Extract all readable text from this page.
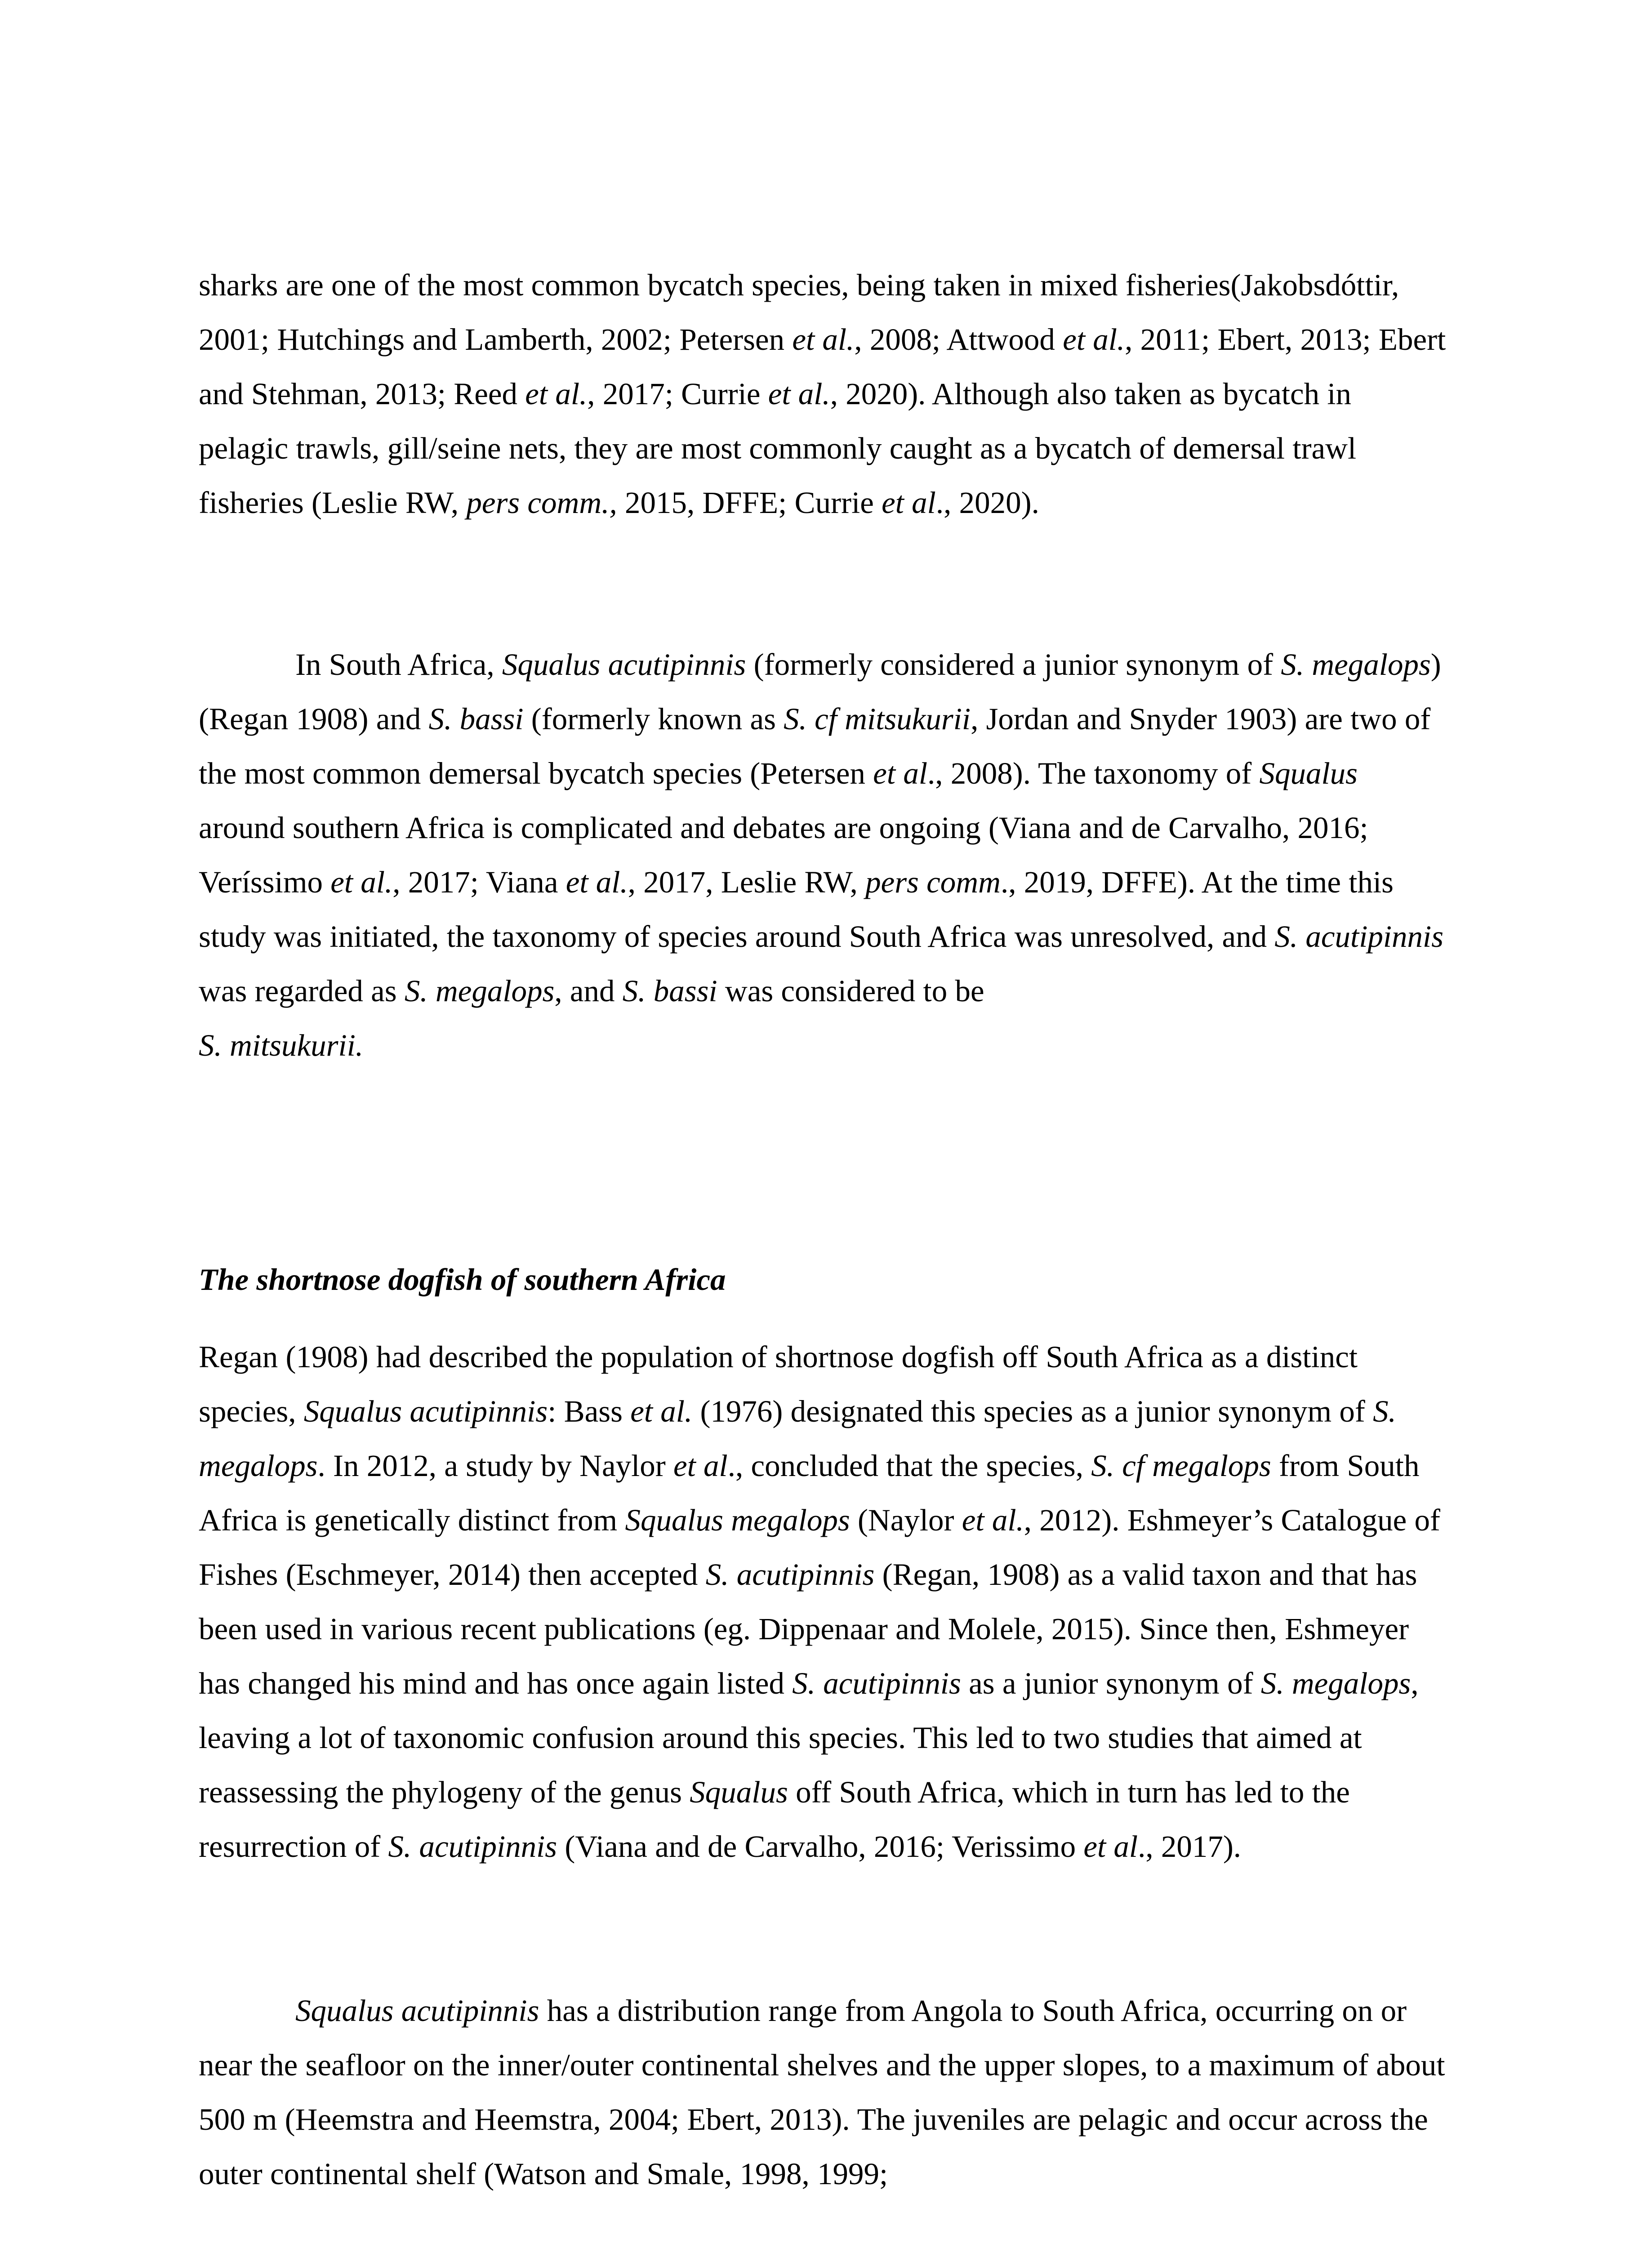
sharks are one of the most common bycatch species, being taken in mixed fisheries(Jakobsdóttir, 2001; Hutchings and Lamberth, 2002; Petersen et al., 2008; Attwood et al., 2011; Ebert, 2013; Ebert and Stehman, 2013; Reed et al., 2017; Currie et al., 2020). Although also taken as bycatch in pelagic trawls, gill/seine nets, they are most commonly caught as a bycatch of demersal trawl fisheries (Leslie RW, pers comm., 2015, DFFE; Currie et al., 2020).

In South Africa, Squalus acutipinnis (formerly considered a junior synonym of S. megalops) (Regan 1908) and S. bassi (formerly known as S. cf mitsukurii, Jordan and Snyder 1903) are two of the most common demersal bycatch species (Petersen et al., 2008). The taxonomy of Squalus around southern Africa is complicated and debates are ongoing (Viana and de Carvalho, 2016; Veríssimo et al., 2017; Viana et al., 2017, Leslie RW, pers comm., 2019, DFFE). At the time this study was initiated, the taxonomy of species around South Africa was unresolved, and S. acutipinnis was regarded as S. megalops, and S. bassi was considered to be
S. mitsukurii.

The shortnose dogfish of southern Africa

Regan (1908) had described the population of shortnose dogfish off South Africa as a distinct species, Squalus acutipinnis: Bass et al. (1976) designated this species as a junior synonym of S. megalops. In 2012, a study by Naylor et al., concluded that the species, S. cf megalops from South Africa is genetically distinct from Squalus megalops (Naylor et al., 2012). Eshmeyer’s Catalogue of Fishes (Eschmeyer, 2014) then accepted S. acutipinnis (Regan, 1908) as a valid taxon and that has been used in various recent publications (eg. Dippenaar and Molele, 2015). Since then, Eshmeyer has changed his mind and has once again listed S. acutipinnis as a junior synonym of S. megalops, leaving a lot of taxonomic confusion around this species. This led to two studies that aimed at reassessing the phylogeny of the genus Squalus off South Africa, which in turn has led to the resurrection of S. acutipinnis (Viana and de Carvalho, 2016; Verissimo et al., 2017).

Squalus acutipinnis has a distribution range from Angola to South Africa, occurring on or near the seafloor on the inner/outer continental shelves and the upper slopes, to a maximum of about 500 m (Heemstra and Heemstra, 2004; Ebert, 2013). The juveniles are pelagic and occur across the outer continental shelf (Watson and Smale, 1998, 1999;
